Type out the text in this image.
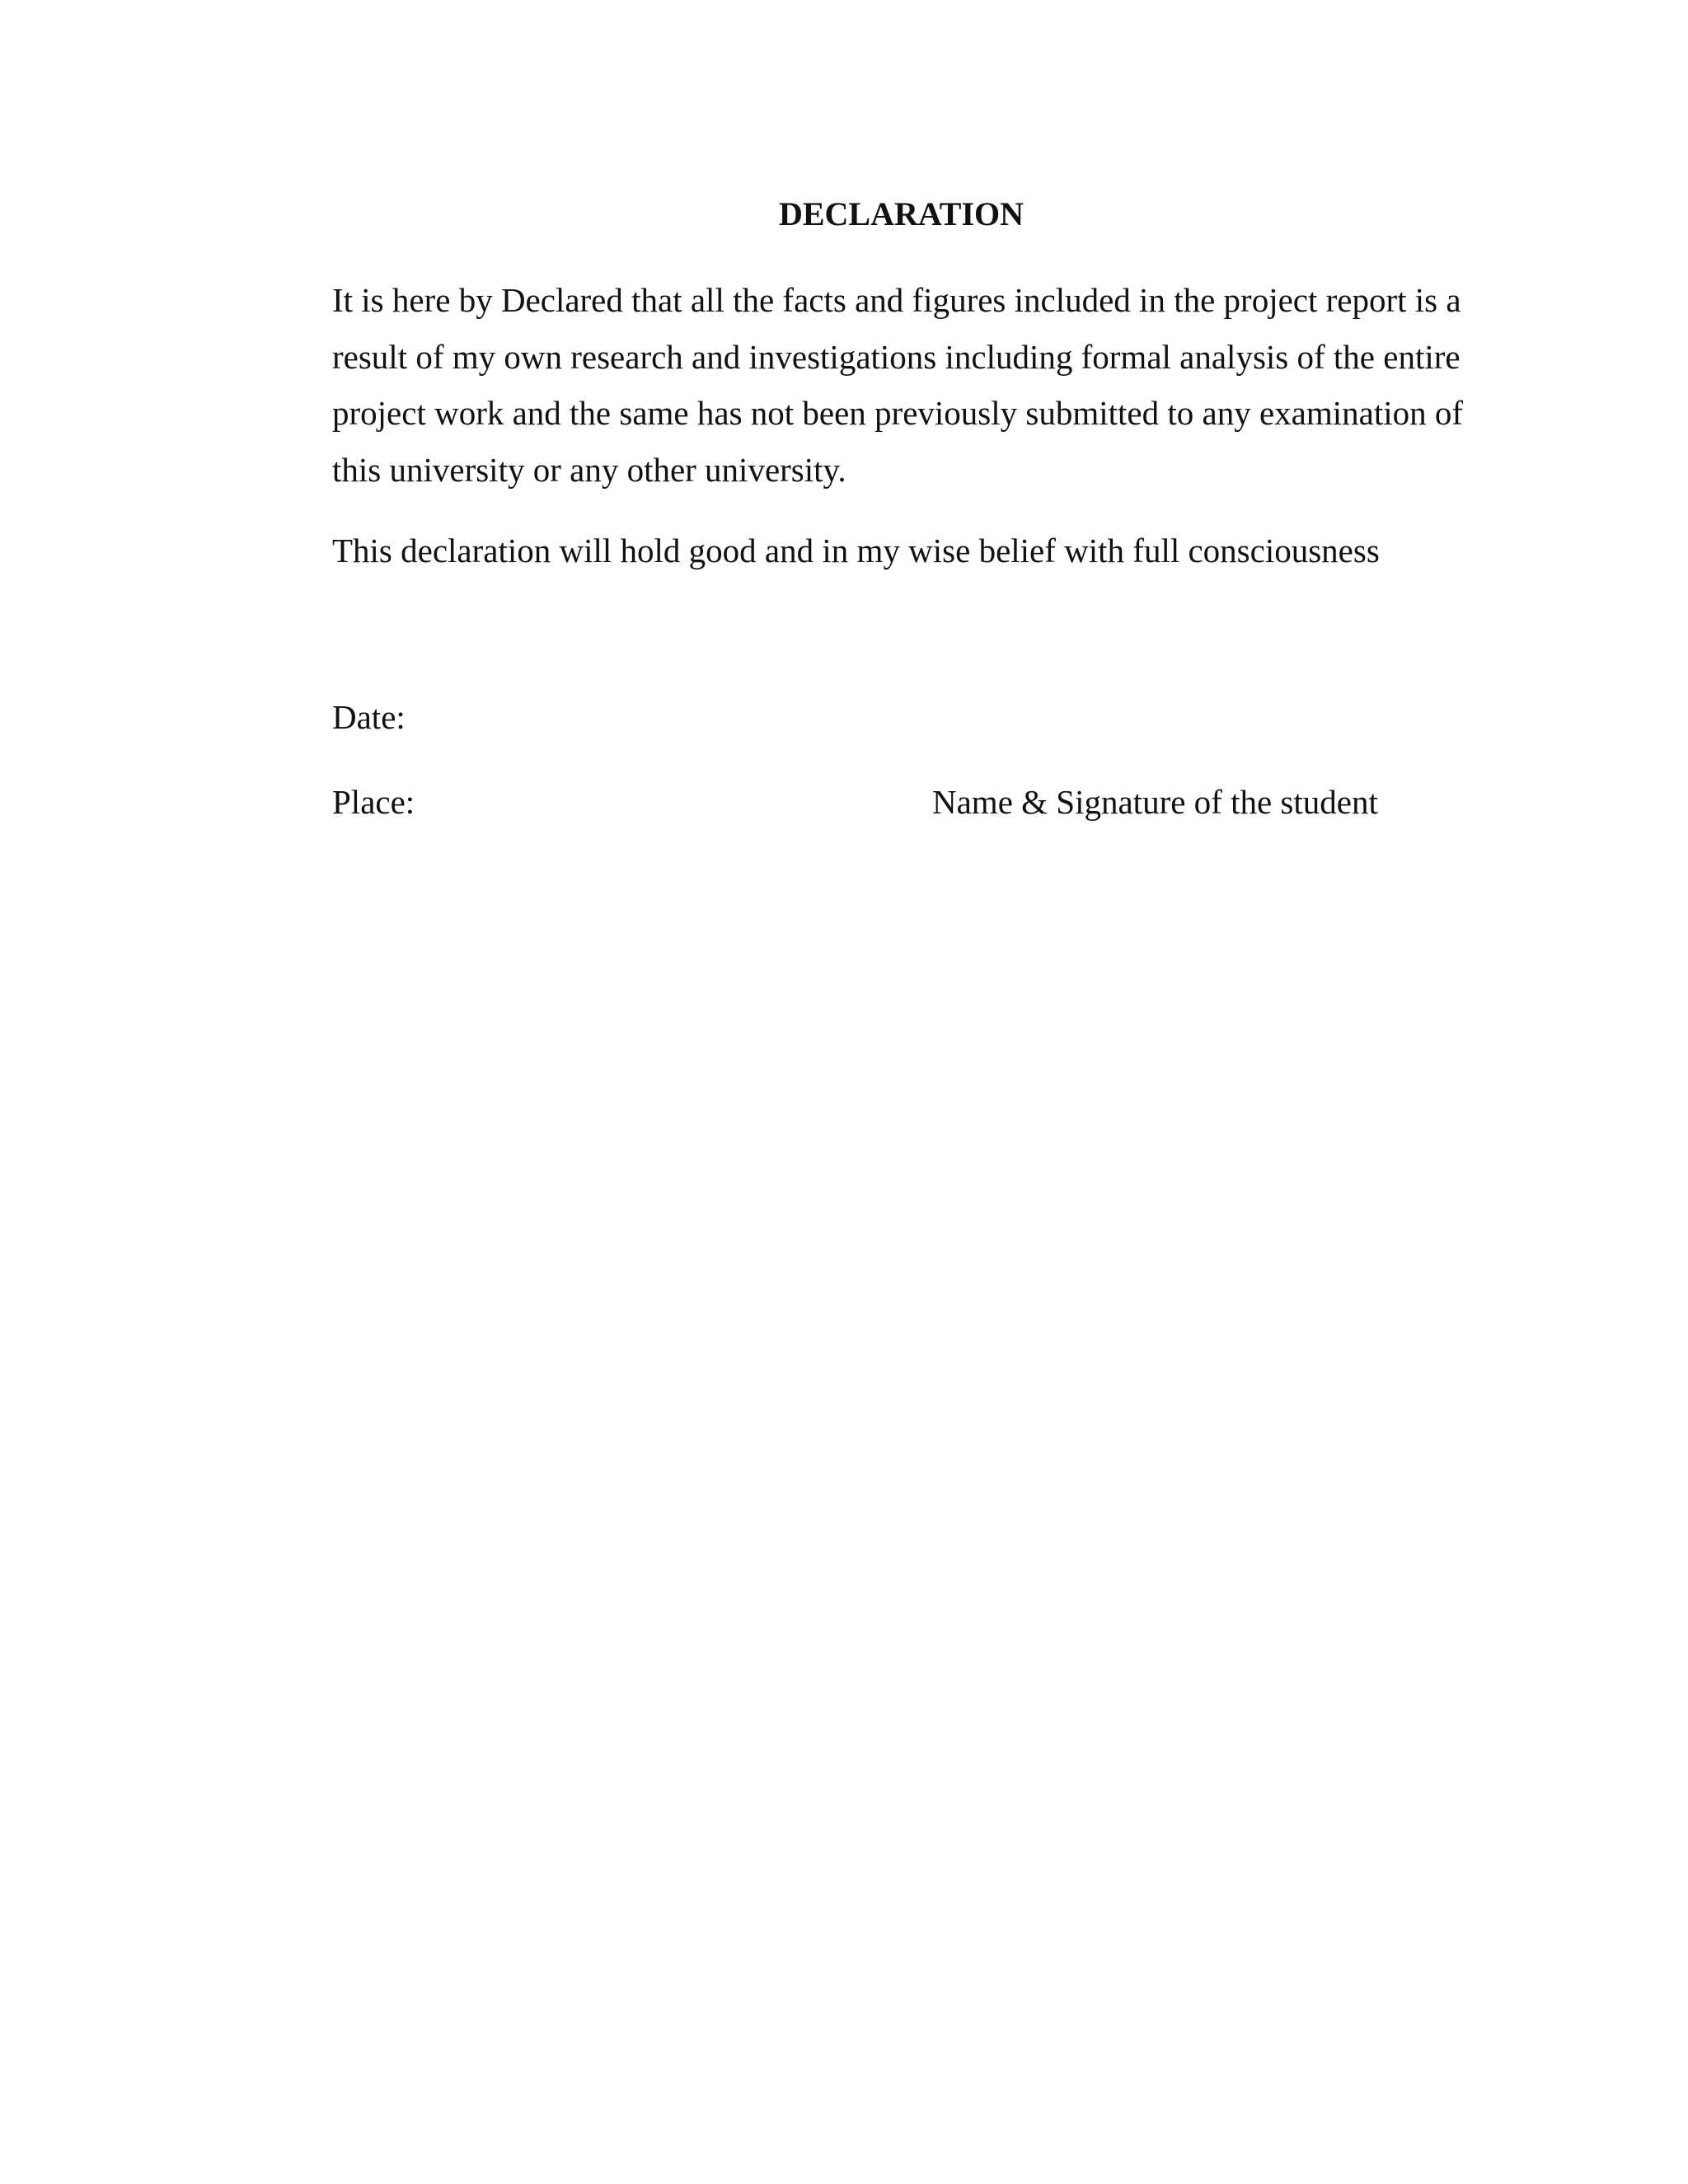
DECLARATION

It is here by Declared that all the facts and figures included in the project report is a result of my own research and investigations including formal analysis of the entire project work and the same has not been previously submitted to any examination of this university or any other university.

This declaration will hold good and in my wise belief with full consciousness

Date:

Place:	Name & Signature of the student
